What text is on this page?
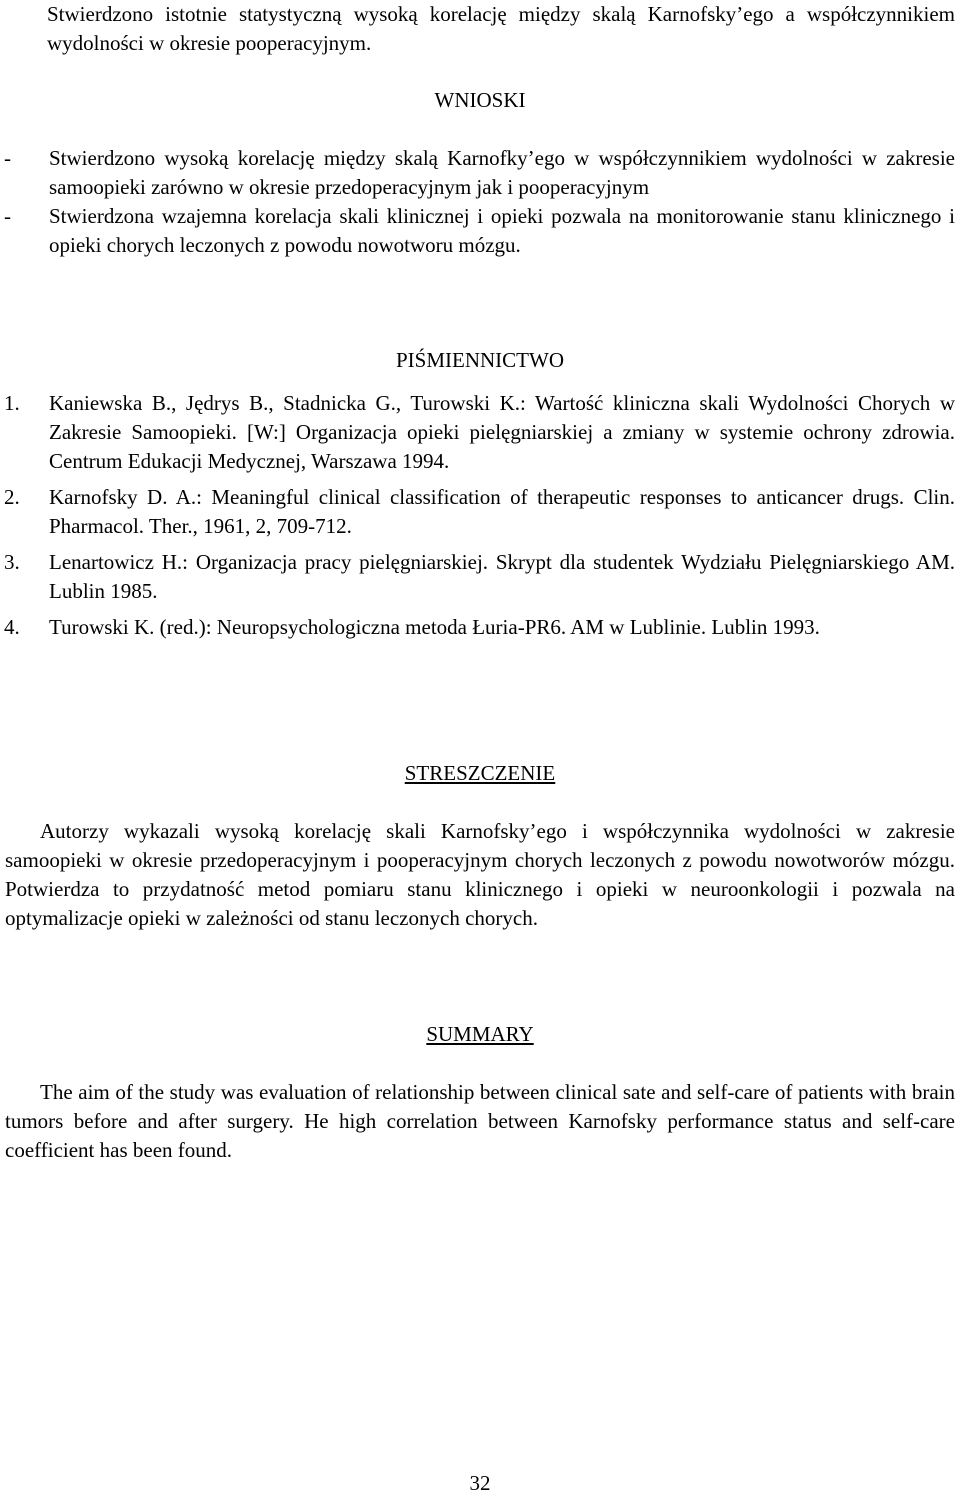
Stwierdzono istotnie statystyczną wysoką korelację między skalą Karnofsky’ego a współczynnikiem wydolności w okresie pooperacyjnym.

WNIOSKI

- Stwierdzono wysoką korelację między skalą Karnofky’ego w współczynnikiem wydolności w zakresie samoopieki zarówno w okresie przedoperacyjnym jak i pooperacyjnym
- Stwierdzona wzajemna korelacja skali klinicznej i opieki pozwala na monitorowanie stanu klinicznego i opieki chorych leczonych z powodu nowotworu mózgu.

PIŚMIENNICTWO

1. Kaniewska B., Jędrys B., Stadnicka G., Turowski K.: Wartość kliniczna skali Wydolności Chorych w Zakresie Samoopieki. [W:] Organizacja opieki pielęgniarskiej a zmiany w systemie ochrony zdrowia. Centrum Edukacji Medycznej, Warszawa 1994.
2. Karnofsky D. A.: Meaningful clinical classification of therapeutic responses to anticancer drugs. Clin. Pharmacol. Ther., 1961, 2, 709-712.
3. Lenartowicz H.: Organizacja pracy pielęgniarskiej. Skrypt dla studentek Wydziału Pielęgniarskiego AM. Lublin 1985.
4. Turowski K. (red.): Neuropsychologiczna metoda Łuria-PR6. AM w Lublinie. Lublin 1993.

STRESZCZENIE

Autorzy wykazali wysoką korelację skali Karnofsky’ego i współczynnika wydolności w zakresie samoopieki w okresie przedoperacyjnym i pooperacyjnym chorych leczonych z powodu nowotworów mózgu. Potwierdza to przydatność metod pomiaru stanu klinicznego i opieki w neuroonkologii i pozwala na optymalizacje opieki w zależności od stanu leczonych chorych.

SUMMARY

The aim of the study was evaluation of relationship between clinical sate and self-care of patients with brain tumors before and after surgery. He high correlation between Karnofsky performance status and self-care coefficient has been found.

32
